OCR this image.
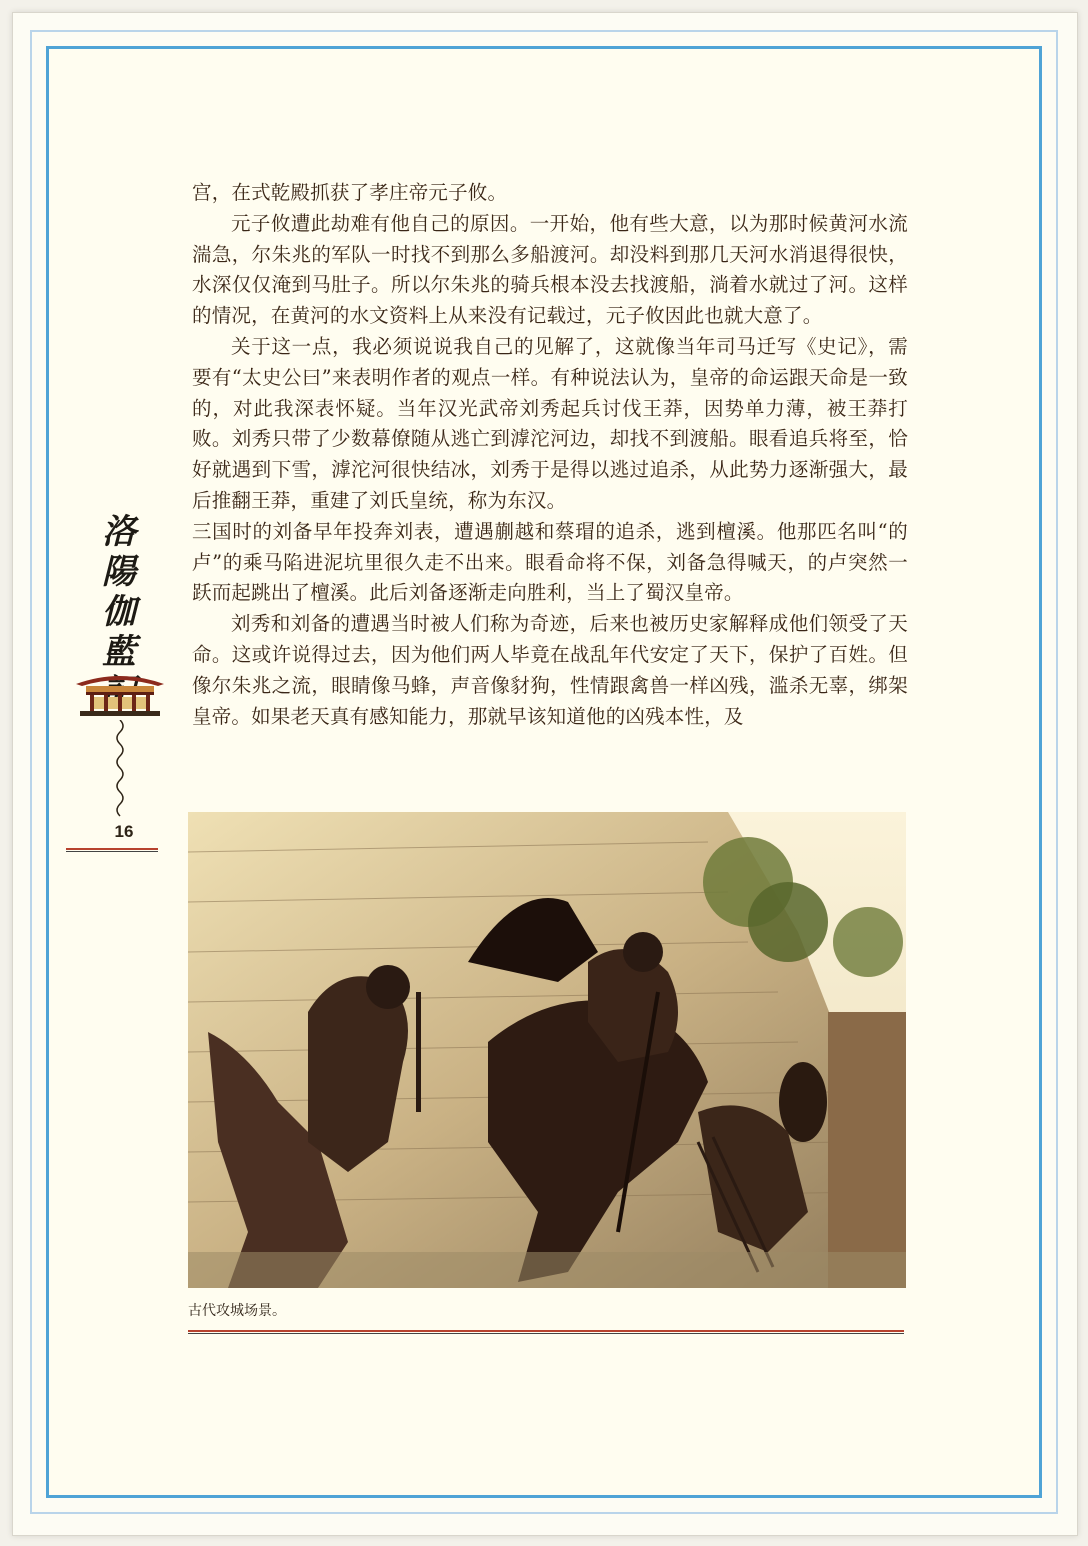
宫，在式乾殿抓获了孝庄帝元子攸。

元子攸遭此劫难有他自己的原因。一开始，他有些大意，以为那时候黄河水流湍急，尔朱兆的军队一时找不到那么多船渡河。却没料到那几天河水消退得很快，水深仅仅淹到马肚子。所以尔朱兆的骑兵根本没去找渡船，淌着水就过了河。这样的情况，在黄河的水文资料上从来没有记载过，元子攸因此也就大意了。

关于这一点，我必须说说我自己的见解了，这就像当年司马迁写《史记》，需要有“太史公曰”来表明作者的观点一样。有种说法认为，皇帝的命运跟天命是一致的，对此我深表怀疑。当年汉光武帝刘秀起兵讨伐王莽，因势单力薄，被王莽打败。刘秀只带了少数幕僚随从逃亡到滹沱河边，却找不到渡船。眼看追兵将至，恰好就遇到下雪，滹沱河很快结冰，刘秀于是得以逃过追杀，从此势力逐渐强大，最后推翻王莽，重建了刘氏皇统，称为东汉。

三国时的刘备早年投奔刘表，遭遇蒯越和蔡瑁的追杀，逃到檀溪。他那匹名叫“的卢”的乘马陷进泥坑里很久走不出来。眼看命将不保，刘备急得喊天，的卢突然一跃而起跳出了檀溪。此后刘备逐渐走向胜利，当上了蜀汉皇帝。

刘秀和刘备的遭遇当时被人们称为奇迹，后来也被历史家解释成他们领受了天命。这或许说得过去，因为他们两人毕竟在战乱年代安定了天下，保护了百姓。但像尔朱兆之流，眼睛像马蜂，声音像豺狗，性情跟禽兽一样凶残，滥杀无辜，绑架皇帝。如果老天真有感知能力，那就早该知道他的凶残本性，及

洛
陽
伽
藍
16
古代攻城场景。
